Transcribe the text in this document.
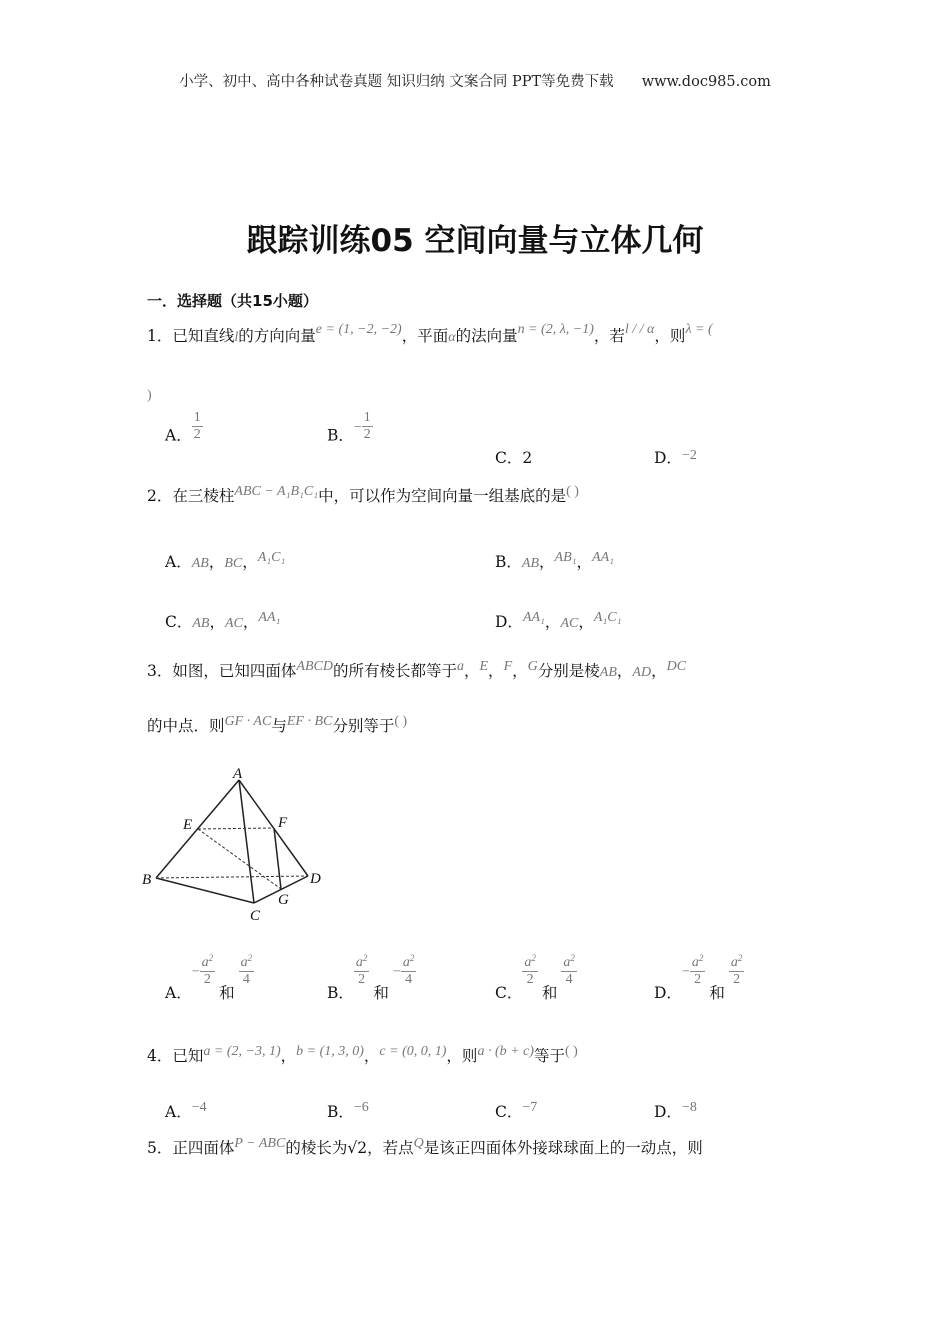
小学、初中、高中各种试卷真题 知识归纳 文案合同 PPT等免费下载 www.doc985.com
跟踪训练05 空间向量与立体几何
一．选择题（共15小题）
1．已知直线l的方向向量e = (1, −2, −2)，平面α的法向量n = (2, λ, −1)，若l / / α，则λ = (
)
A． $\frac{1}{2}$	B．− $\frac{1}{2}$
C．2	D．−2
2．在三棱柱ABC − A₁B₁C₁中，可以作为空间向量一组基底的是( )
A．AB，BC，A₁C₁	B．AB，AB₁，AA₁
C．AB，AC，AA₁	D．AA₁，AC，A₁C₁
3．如图，已知四面体ABCD的所有棱长都等于a，E，F，G分别是棱AB，AD，DC
的中点．则GF · AC与EF · BC分别等于( )
A
B
C
D
E	F
G
A．− $\frac{a^2}{2}$
和
$\frac{a^2}{4}$
B．
$\frac{a^2}{2}$
和− $\frac{a^2}{4}$
C．
$\frac{a^2}{2}$
和
$\frac{a^2}{4}$
D．− $\frac{a^2}{2}$
和
$\frac{a^2}{2}$
4．已知a = (2, −3, 1)，b = (1, 3, 0)，c = (0, 0, 1)，则a · (b + c)等于( )
A．−4	B．−6	C．−7	D．−8
5．正四面体P − ABC的棱长为√2，若点Q是该正四面体外接球球面上的一动点，则
